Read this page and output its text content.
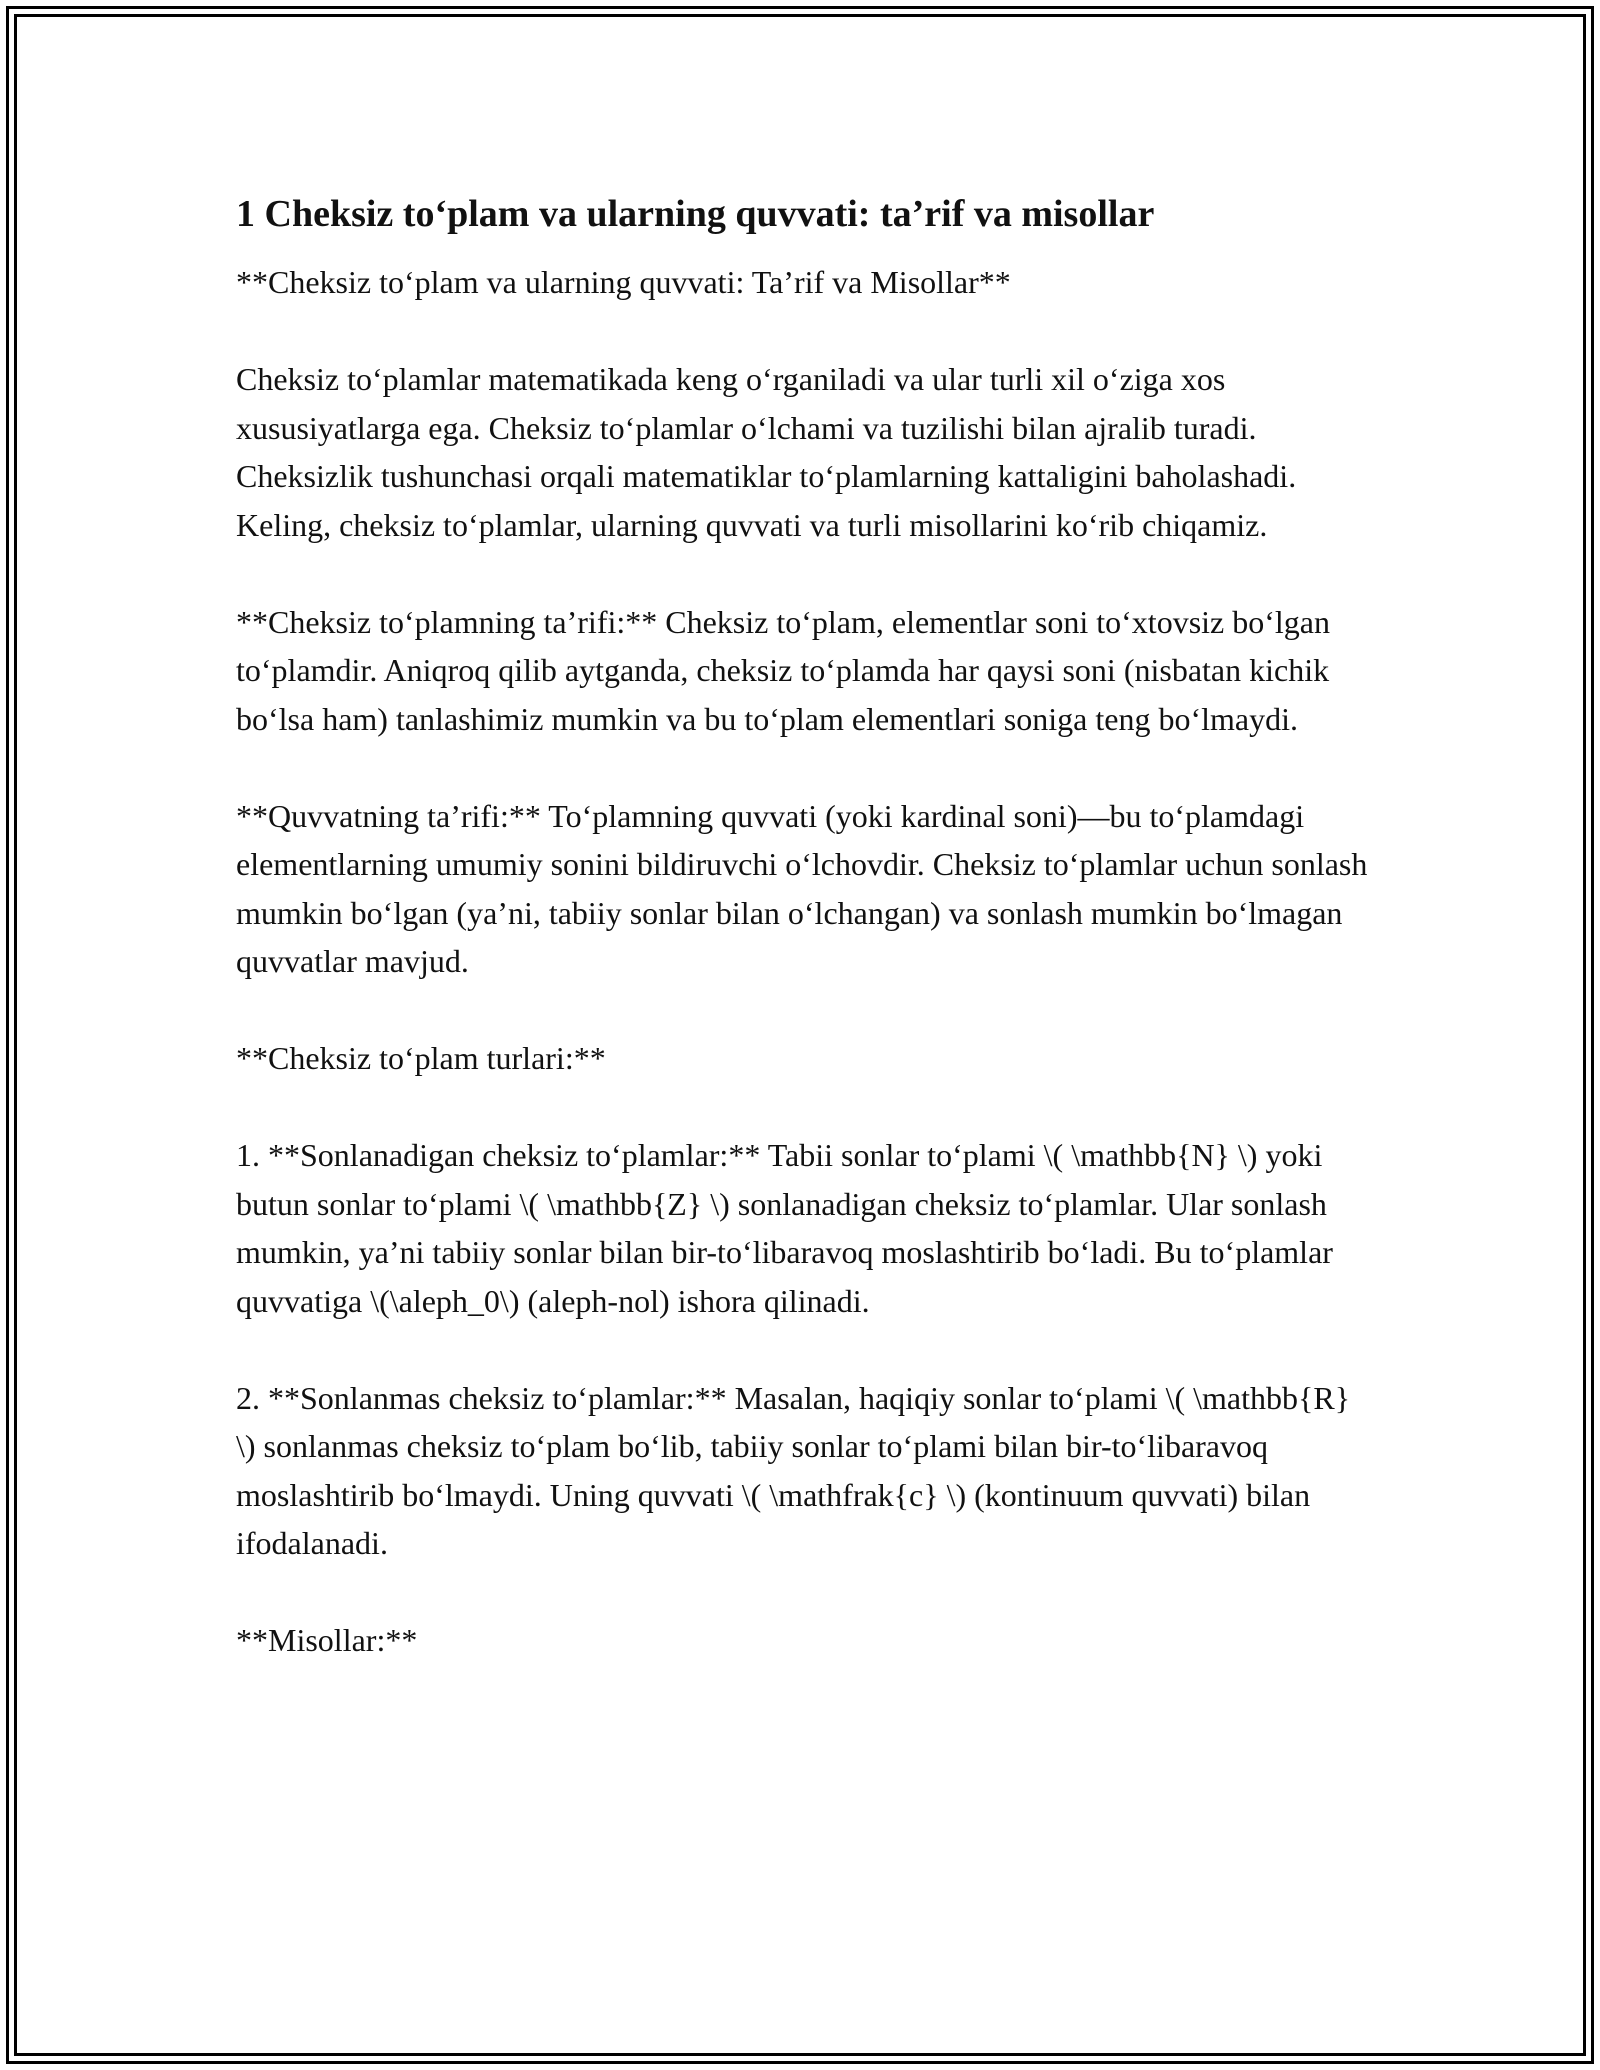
1 Cheksiz to‘plam va ularning quvvati: ta’rif va misollar

**Cheksiz to‘plam va ularning quvvati: Ta’rif va Misollar**

Cheksiz to‘plamlar matematikada keng o‘rganiladi va ular turli xil o‘ziga xos xususiyatlarga ega. Cheksiz to‘plamlar o‘lchami va tuzilishi bilan ajralib turadi. Cheksizlik tushunchasi orqali matematiklar to‘plamlarning kattaligini baholashadi. Keling, cheksiz to‘plamlar, ularning quvvati va turli misollarini ko‘rib chiqamiz.

**Cheksiz to‘plamning ta’rifi:** Cheksiz to‘plam, elementlar soni to‘xtovsiz bo‘lgan to‘plamdir. Aniqroq qilib aytganda, cheksiz to‘plamda har qaysi soni (nisbatan kichik bo‘lsa ham) tanlashimiz mumkin va bu to‘plam elementlari soniga teng bo‘lmaydi.

**Quvvatning ta’rifi:** To‘plamning quvvati (yoki kardinal soni)—bu to‘plamdagi elementlarning umumiy sonini bildiruvchi o‘lchovdir. Cheksiz to‘plamlar uchun sonlash mumkin bo‘lgan (ya’ni, tabiiy sonlar bilan o‘lchangan) va sonlash mumkin bo‘lmagan quvvatlar mavjud.

**Cheksiz to‘plam turlari:**

1. **Sonlanadigan cheksiz to‘plamlar:** Tabii sonlar to‘plami \( \mathbb{N} \) yoki butun sonlar to‘plami \( \mathbb{Z} \) sonlanadigan cheksiz to‘plamlar. Ular sonlash mumkin, ya’ni tabiiy sonlar bilan bir-to‘libaravoq moslashtirib bo‘ladi. Bu to‘plamlar quvvatiga \(\aleph_0\) (aleph-nol) ishora qilinadi.

2. **Sonlanmas cheksiz to‘plamlar:** Masalan, haqiqiy sonlar to‘plami \( \mathbb{R} \) sonlanmas cheksiz to‘plam bo‘lib, tabiiy sonlar to‘plami bilan bir-to‘libaravoq moslashtirib bo‘lmaydi. Uning quvvati \( \mathfrak{c} \) (kontinuum quvvati) bilan ifodalanadi.

**Misollar:**
